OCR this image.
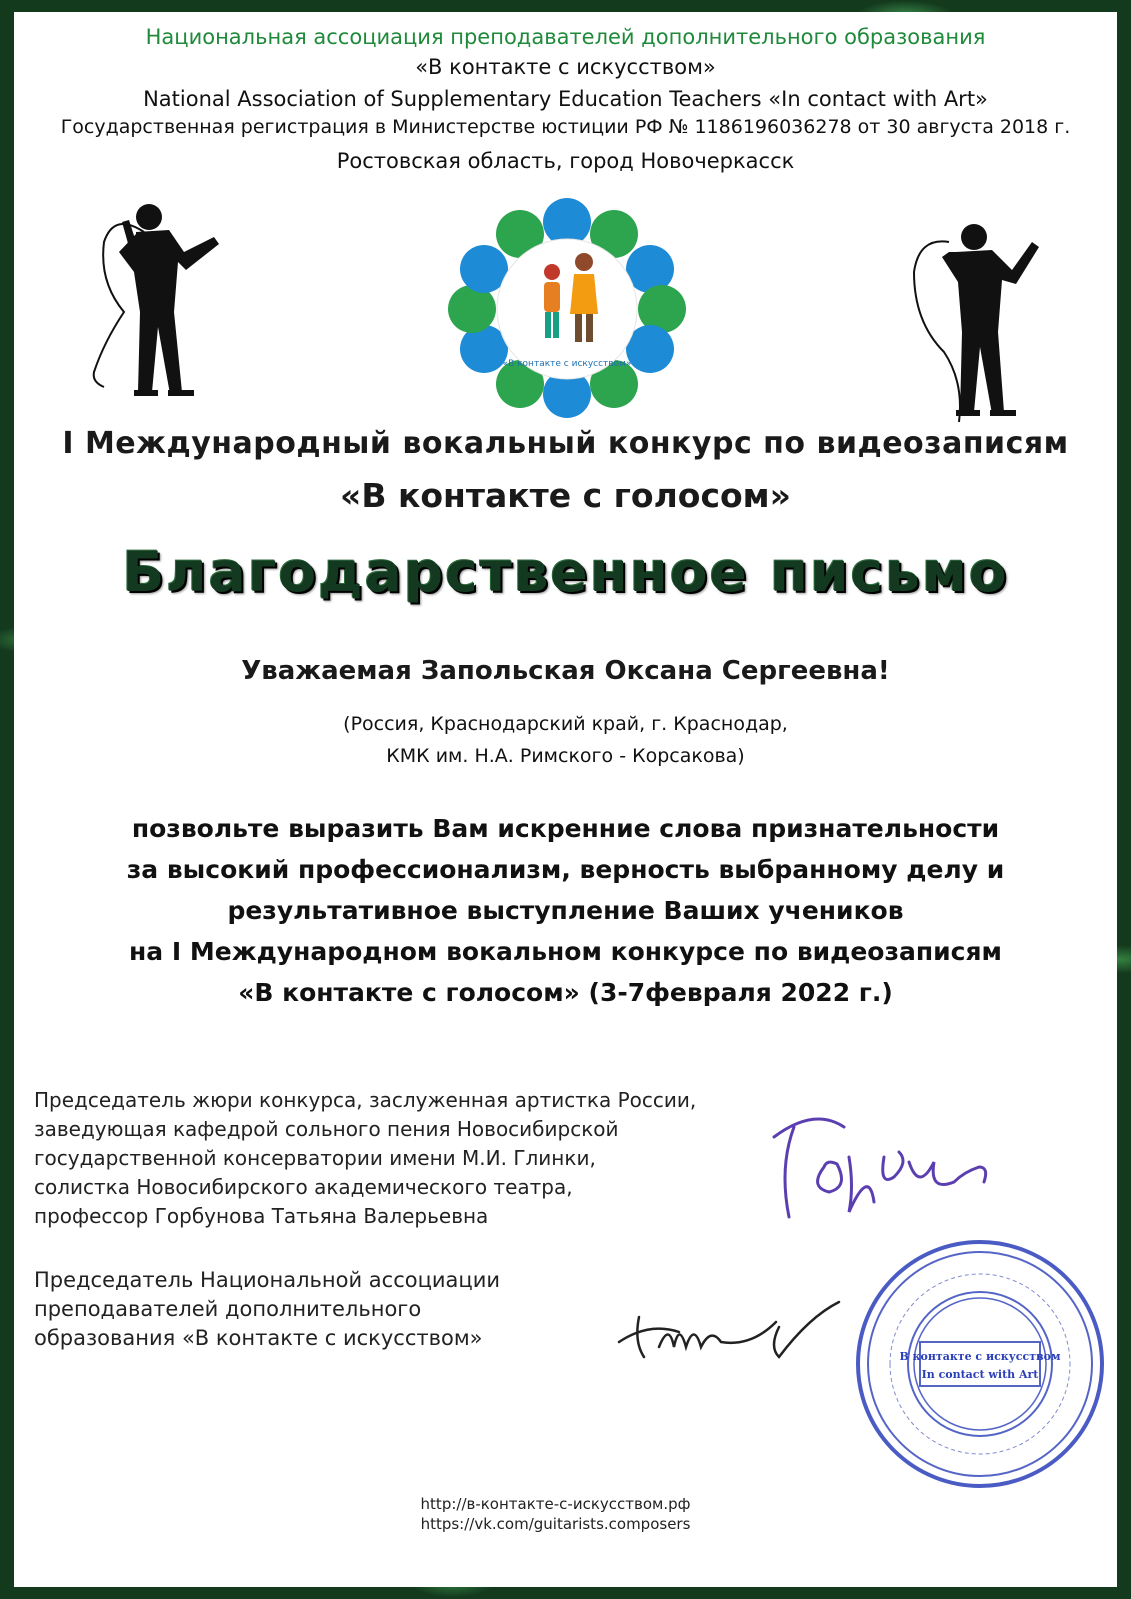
Национальная ассоциация преподавателей дополнительного образования
«В контакте с искусством»
National Association of Supplementary Education Teachers «In contact with Art»
Государственная регистрация в Министерстве юстиции РФ № 1186196036278 от 30 августа 2018 г.
Ростовская область, город Новочеркасск
«В контакте с искусством»
I Международный вокальный конкурс по видеозаписям
«В контакте с голосом»
Благодарственное письмо
Уважаемая Запольская Оксана Сергеевна!
(Россия, Краснодарский край, г. Краснодар,
КМК им. Н.А. Римского - Корсакова)
позвольте выразить Вам искренние слова признательности
за высокий профессионализм, верность выбранному делу и
результативное выступление Ваших учеников
на I Международном вокальном конкурсе по видеозаписям
«В контакте с голосом» (3-7февраля 2022 г.)
Председатель жюри конкурса, заслуженная артистка России,
заведующая кафедрой сольного пения Новосибирской
государственной консерватории имени М.И. Глинки,
солистка Новосибирского академического театра,
профессор Горбунова Татьяна Валерьевна
Председатель Национальной ассоциации
преподавателей дополнительного
образования «В контакте с искусством»
В контакте с искусством
In contact with Art
http://в-контакте-с-искусством.рф
https://vk.com/guitarists.composers
